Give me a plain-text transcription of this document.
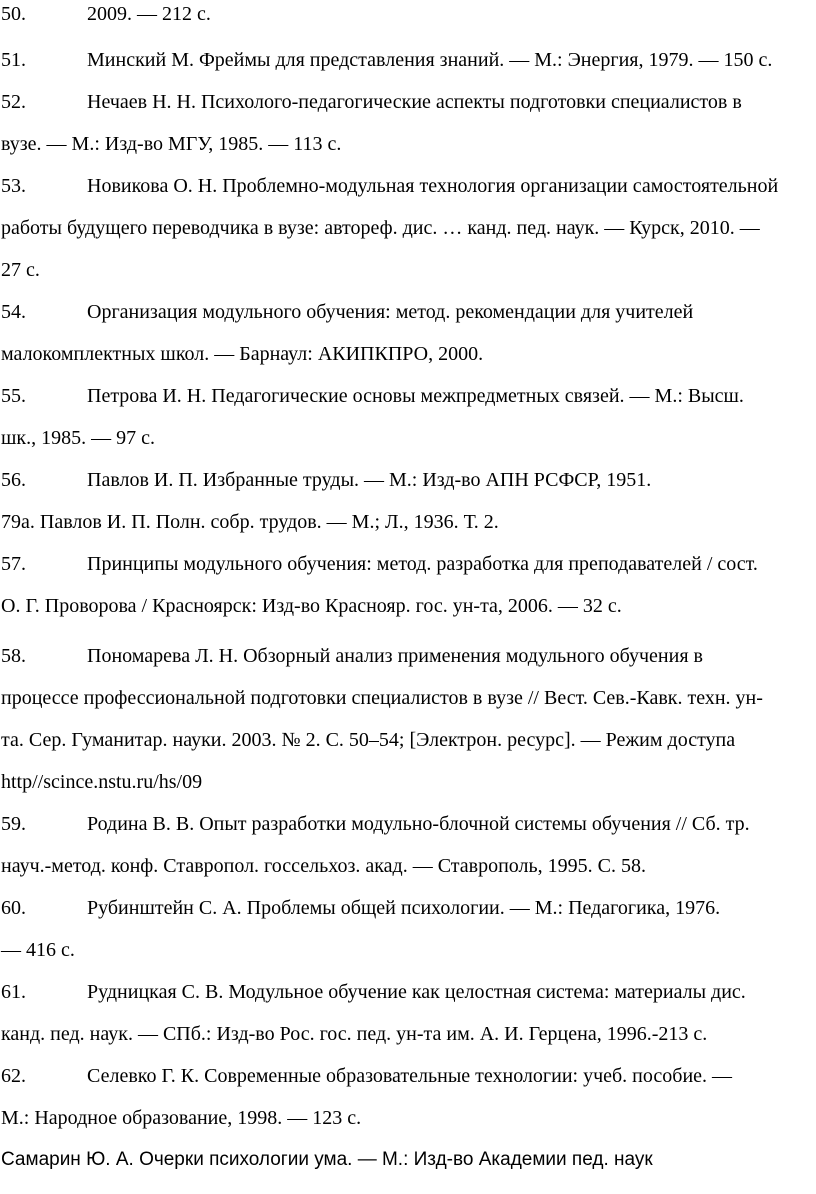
50.	2009. — 212 с.
51.	Минский М. Фреймы для представления знаний. — М.: Энергия, 1979. — 150 с.
52.	Нечаев Н. Н. Психолого-педагогические аспекты подготовки специалистов в
вузе. — М.: Изд-во МГУ, 1985. — 113 с.
53.	Новикова О. Н. Проблемно-модульная технология организации самостоятельной
работы будущего переводчика в вузе: автореф. дис. … канд. пед. наук. — Курск, 2010. —
27 с.
54.	Организация модульного обучения: метод. рекомендации для учителей
малокомплектных школ. — Барнаул: АКИПКПРО, 2000.
55.	Петрова И. Н. Педагогические основы межпредметных связей. — М.: Высш.
шк., 1985. — 97 с.
56.	Павлов И. П. Избранные труды. — М.: Изд-во АПН РСФСР, 1951.
79а. Павлов И. П. Полн. собр. трудов. — М.; Л., 1936. Т. 2.
57.	Принципы модульного обучения: метод. разработка для преподавателей / сост.
О. Г. Проворова / Красноярск: Изд-во Краснояр. гос. ун-та, 2006. — 32 с.
58.	Пономарева Л. Н. Обзорный анализ применения модульного обучения в
процессе профессиональной подготовки специалистов в вузе // Вест. Сев.-Кавк. техн. ун-
та. Сер. Гуманитар. науки. 2003. № 2. С. 50–54; [Электрон. ресурс]. — Режим доступа
http//scince.nstu.ru/hs/09
59.	Родина В. В. Опыт разработки модульно-блочной системы обучения // Сб. тр.
науч.-метод. конф. Ставропол. госсельхоз. акад. — Ставрополь, 1995. С. 58.
60.	Рубинштейн С. А. Проблемы общей психологии. — М.: Педагогика, 1976.
— 416 с.
61.	Рудницкая С. В. Модульное обучение как целостная система: материалы дис.
канд. пед. наук. — СПб.: Изд-во Рос. гос. пед. ун-та им. А. И. Герцена, 1996.-213 с.
62.	Селевко Г. К. Современные образовательные технологии: учеб. пособие. —
М.: Народное образование, 1998. — 123 с.
Самарин Ю. А. Очерки психологии ума. — М.: Изд-во Академии пед. наук
